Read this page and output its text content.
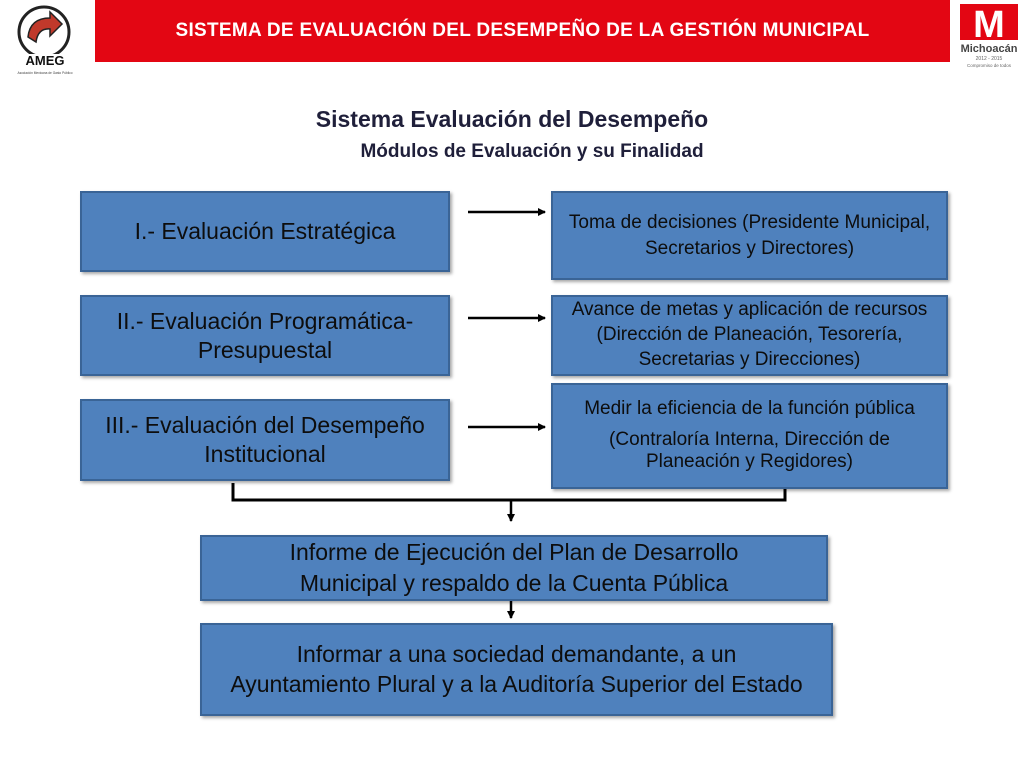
AMEG
Asociación Mexicana de Gasto Público
SISTEMA DE EVALUACIÓN DEL DESEMPEÑO DE LA GESTIÓN MUNICIPAL	M
Michoacán
2012 - 2015
Compromiso de todos
Sistema Evaluación del Desempeño
Módulos de Evaluación y su Finalidad
I.- Evaluación Estratégica
II.- Evaluación Programática-Presupuestal
III.- Evaluación del Desempeño Institucional
Toma de decisiones (Presidente Municipal, Secretarios y Directores)
Avance de metas y aplicación de recursos (Dirección de Planeación, Tesorería, Secretarias y Direcciones)
Medir la eficiencia de la función pública
(Contraloría Interna, Dirección de Planeación y Regidores)
Informe de Ejecución del Plan de Desarrollo Municipal y respaldo de la Cuenta Pública
Informar a una sociedad demandante, a un Ayuntamiento Plural y a la Auditoría Superior del Estado
